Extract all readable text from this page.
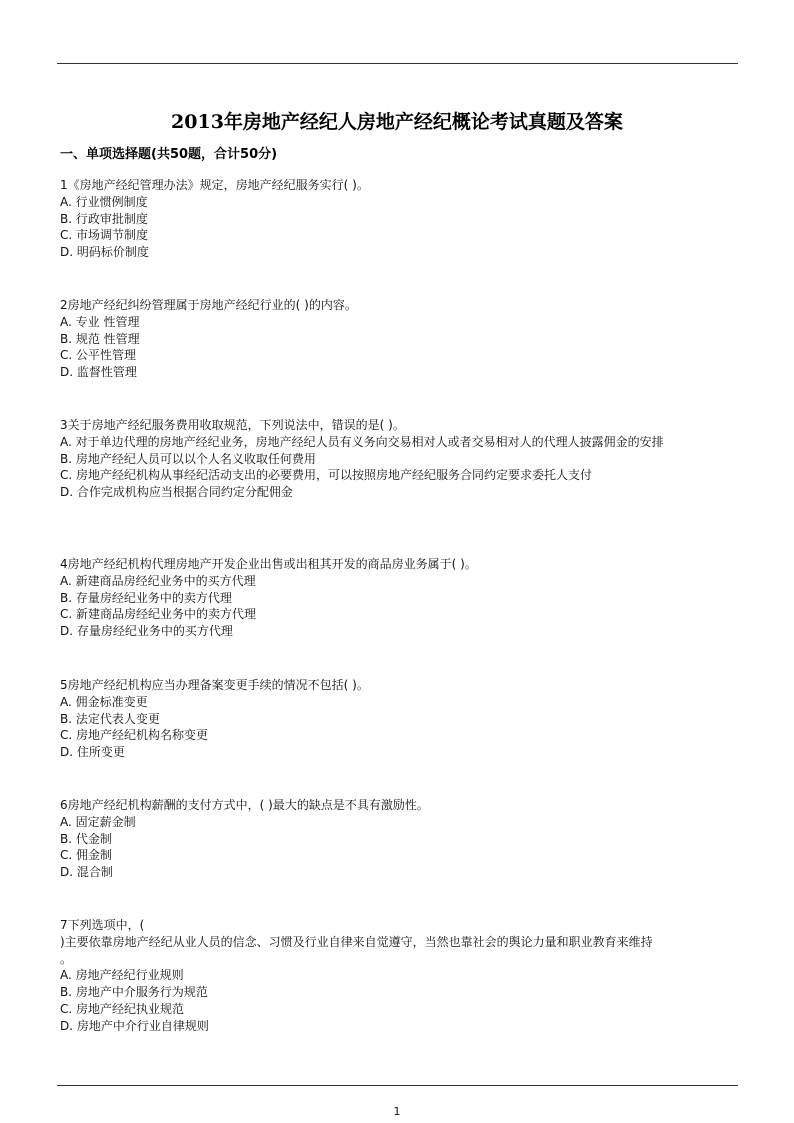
2013年房地产经纪人房地产经纪概论考试真题及答案
一、单项选择题(共50题，合计50分)

1《房地产经纪管理办法》规定，房地产经纪服务实行( )。

A. 行业惯例制度

B. 行政审批制度

C. 市场调节制度

D. 明码标价制度

2房地产经纪纠纷管理属于房地产经纪行业的( )的内容。

A. 专业 性管理

B. 规范 性管理

C. 公平性管理

D. 监督性管理

3关于房地产经纪服务费用收取规范，下列说法中，错误的是( )。

A. 对于单边代理的房地产经纪业务，房地产经纪人员有义务向交易相对人或者交易相对人的代理人披露佣金的安排

B. 房地产经纪人员可以以个人名义收取任何费用

C. 房地产经纪机构从事经纪活动支出的必要费用，可以按照房地产经纪服务合同约定要求委托人支付

D. 合作完成机构应当根据合同约定分配佣金

4房地产经纪机构代理房地产开发企业出售或出租其开发的商品房业务属于( )。

A. 新建商品房经纪业务中的买方代理

B. 存量房经纪业务中的卖方代理

C. 新建商品房经纪业务中的卖方代理

D. 存量房经纪业务中的买方代理

5房地产经纪机构应当办理备案变更手续的情况不包括( )。

A. 佣金标准变更

B. 法定代表人变更

C. 房地产经纪机构名称变更

D. 住所变更

6房地产经纪机构薪酬的支付方式中，( )最大的缺点是不具有激励性。

A. 固定薪金制

B. 代金制

C. 佣金制

D. 混合制

7下列选项中，(
)主要依靠房地产经纪从业人员的信念、习惯及行业自律来自觉遵守，当然也靠社会的舆论力量和职业教育来维持
。

A. 房地产经纪行业规则

B. 房地产中介服务行为规范

C. 房地产经纪执业规范

D. 房地产中介行业自律规则

1
